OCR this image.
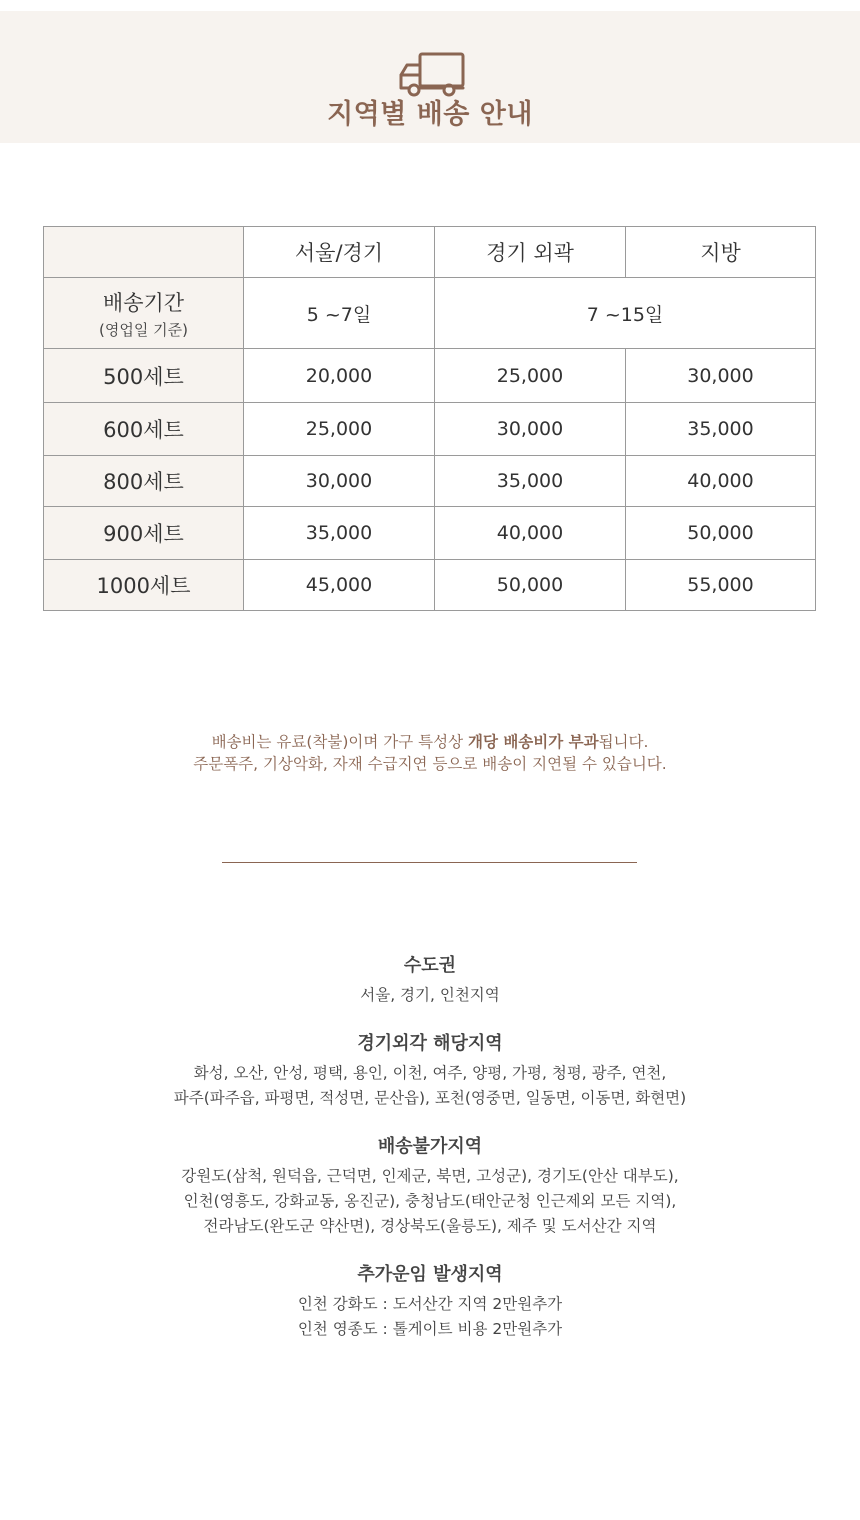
지역별 배송 안내
	서울/경기	경기 외곽	지방
배송기간
(영업일 기준)	5 ~7일	7 ~15일	
500세트	20,000	25,000	30,000
600세트	25,000	30,000	35,000
800세트	30,000	35,000	40,000
900세트	35,000	40,000	50,000
1000세트	45,000	50,000	55,000
배송비는 유료(착불)이며 가구 특성상 개당 배송비가 부과됩니다.
주문폭주, 기상악화, 자재 수급지연 등으로 배송이 지연될 수 있습니다.
수도권
서울, 경기, 인천지역
경기외각 해당지역
화성, 오산, 안성, 평택, 용인, 이천, 여주, 양평, 가평, 청평, 광주, 연천,
파주(파주읍, 파평면, 적성면, 문산읍), 포천(영중면, 일동면, 이동면, 화현면)
배송불가지역
강원도(삼척, 원덕읍, 근덕면, 인제군, 북면, 고성군), 경기도(안산 대부도),
인천(영흥도, 강화교동, 옹진군), 충청남도(태안군청 인근제외 모든 지역),
전라남도(완도군 약산면), 경상북도(울릉도), 제주 및 도서산간 지역
추가운임 발생지역
인천 강화도 : 도서산간 지역 2만원추가
인천 영종도 : 톨게이트 비용 2만원추가
